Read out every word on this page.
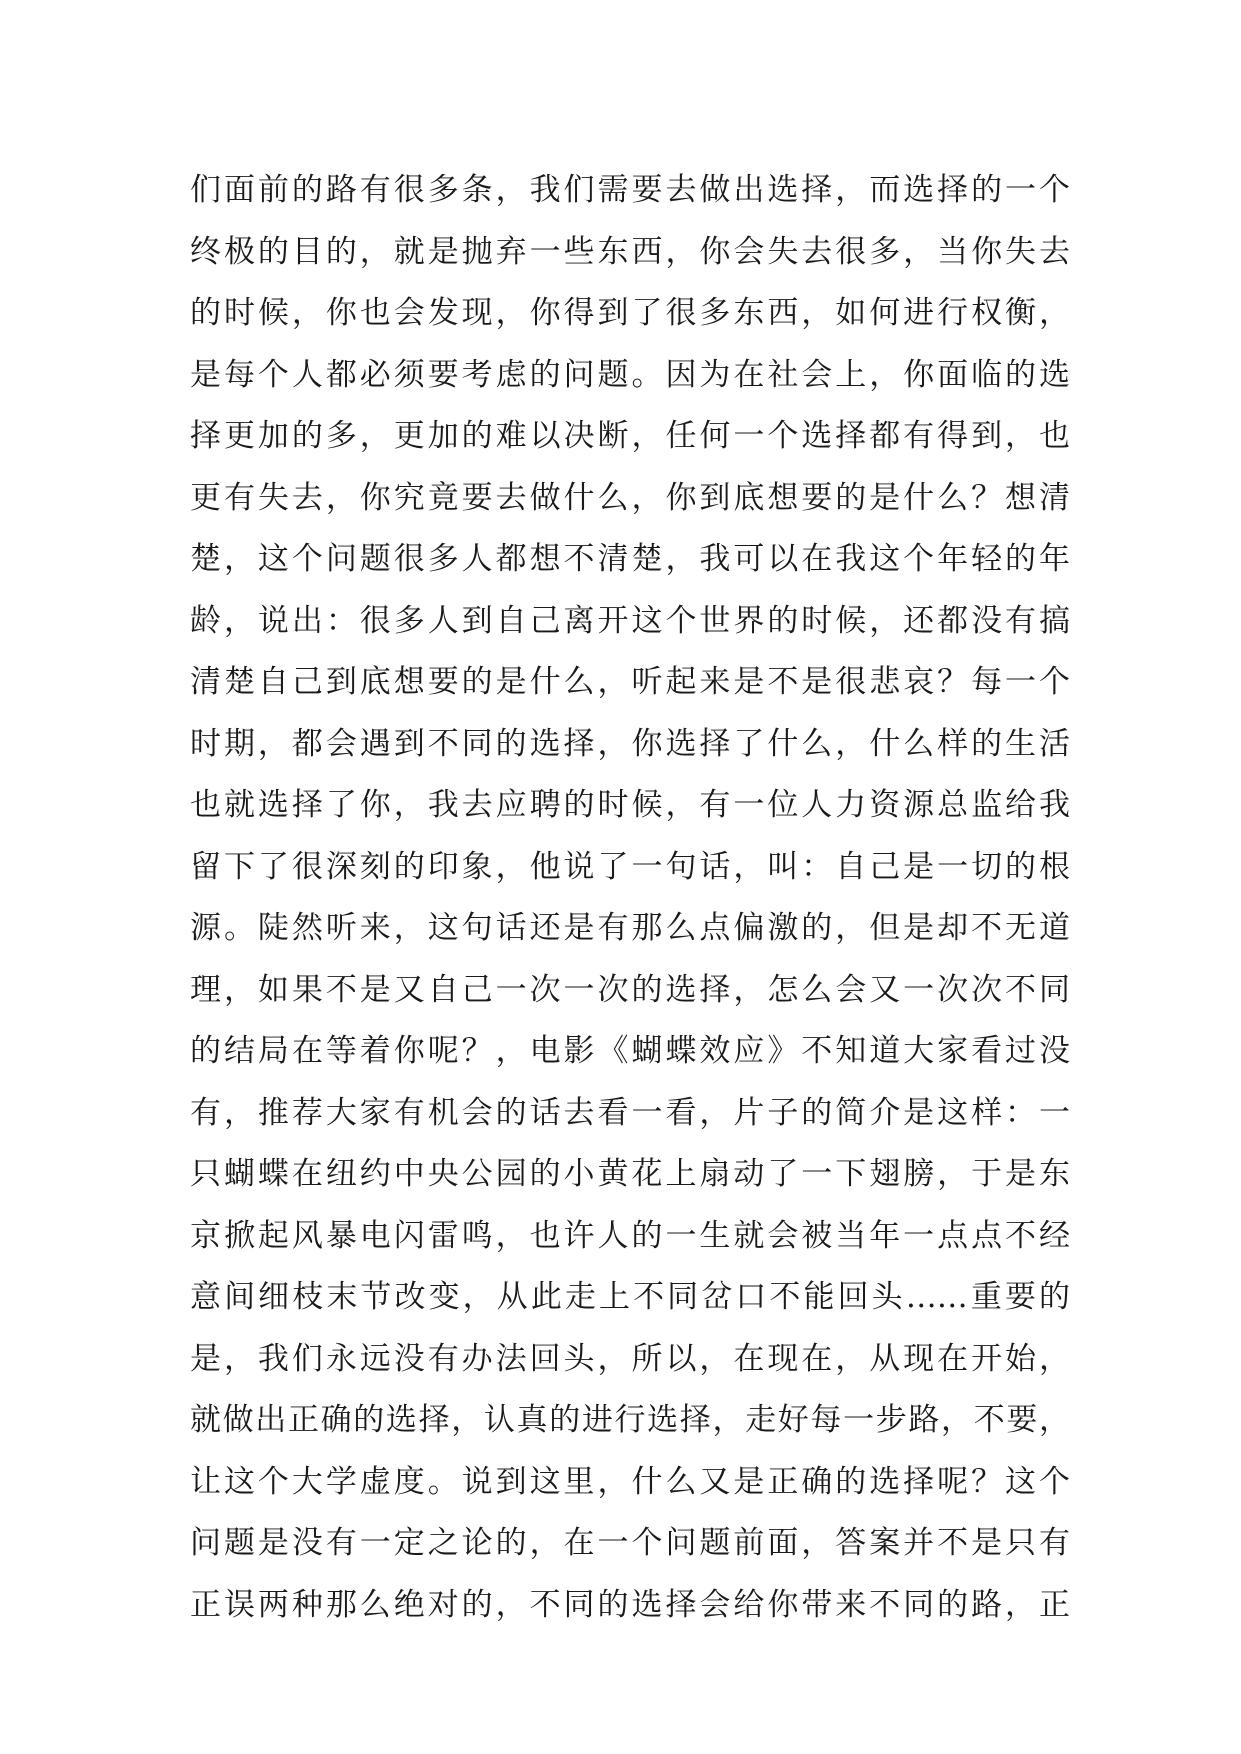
们面前的路有很多条，我们需要去做出选择，而选择的一个
终极的目的，就是抛弃一些东西，你会失去很多，当你失去
的时候，你也会发现，你得到了很多东西，如何进行权衡，
是每个人都必须要考虑的问题。因为在社会上，你面临的选
择更加的多，更加的难以决断，任何一个选择都有得到，也
更有失去，你究竟要去做什么，你到底想要的是什么？想清
楚，这个问题很多人都想不清楚，我可以在我这个年轻的年
龄，说出：很多人到自己离开这个世界的时候，还都没有搞
清楚自己到底想要的是什么，听起来是不是很悲哀？每一个
时期，都会遇到不同的选择，你选择了什么，什么样的生活
也就选择了你，我去应聘的时候，有一位人力资源总监给我
留下了很深刻的印象，他说了一句话，叫：自己是一切的根
源。陡然听来，这句话还是有那么点偏激的，但是却不无道
理，如果不是又自己一次一次的选择，怎么会又一次次不同
的结局在等着你呢？，电影《蝴蝶效应》不知道大家看过没
有，推荐大家有机会的话去看一看，片子的简介是这样：一
只蝴蝶在纽约中央公园的小黄花上扇动了一下翅膀，于是东
京掀起风暴电闪雷鸣，也许人的一生就会被当年一点点不经
意间细枝末节改变，从此走上不同岔口不能回头……重要的
是，我们永远没有办法回头，所以，在现在，从现在开始，
就做出正确的选择，认真的进行选择，走好每一步路，不要，
让这个大学虚度。说到这里，什么又是正确的选择呢？这个
问题是没有一定之论的，在一个问题前面，答案并不是只有
正误两种那么绝对的，不同的选择会给你带来不同的路，正
